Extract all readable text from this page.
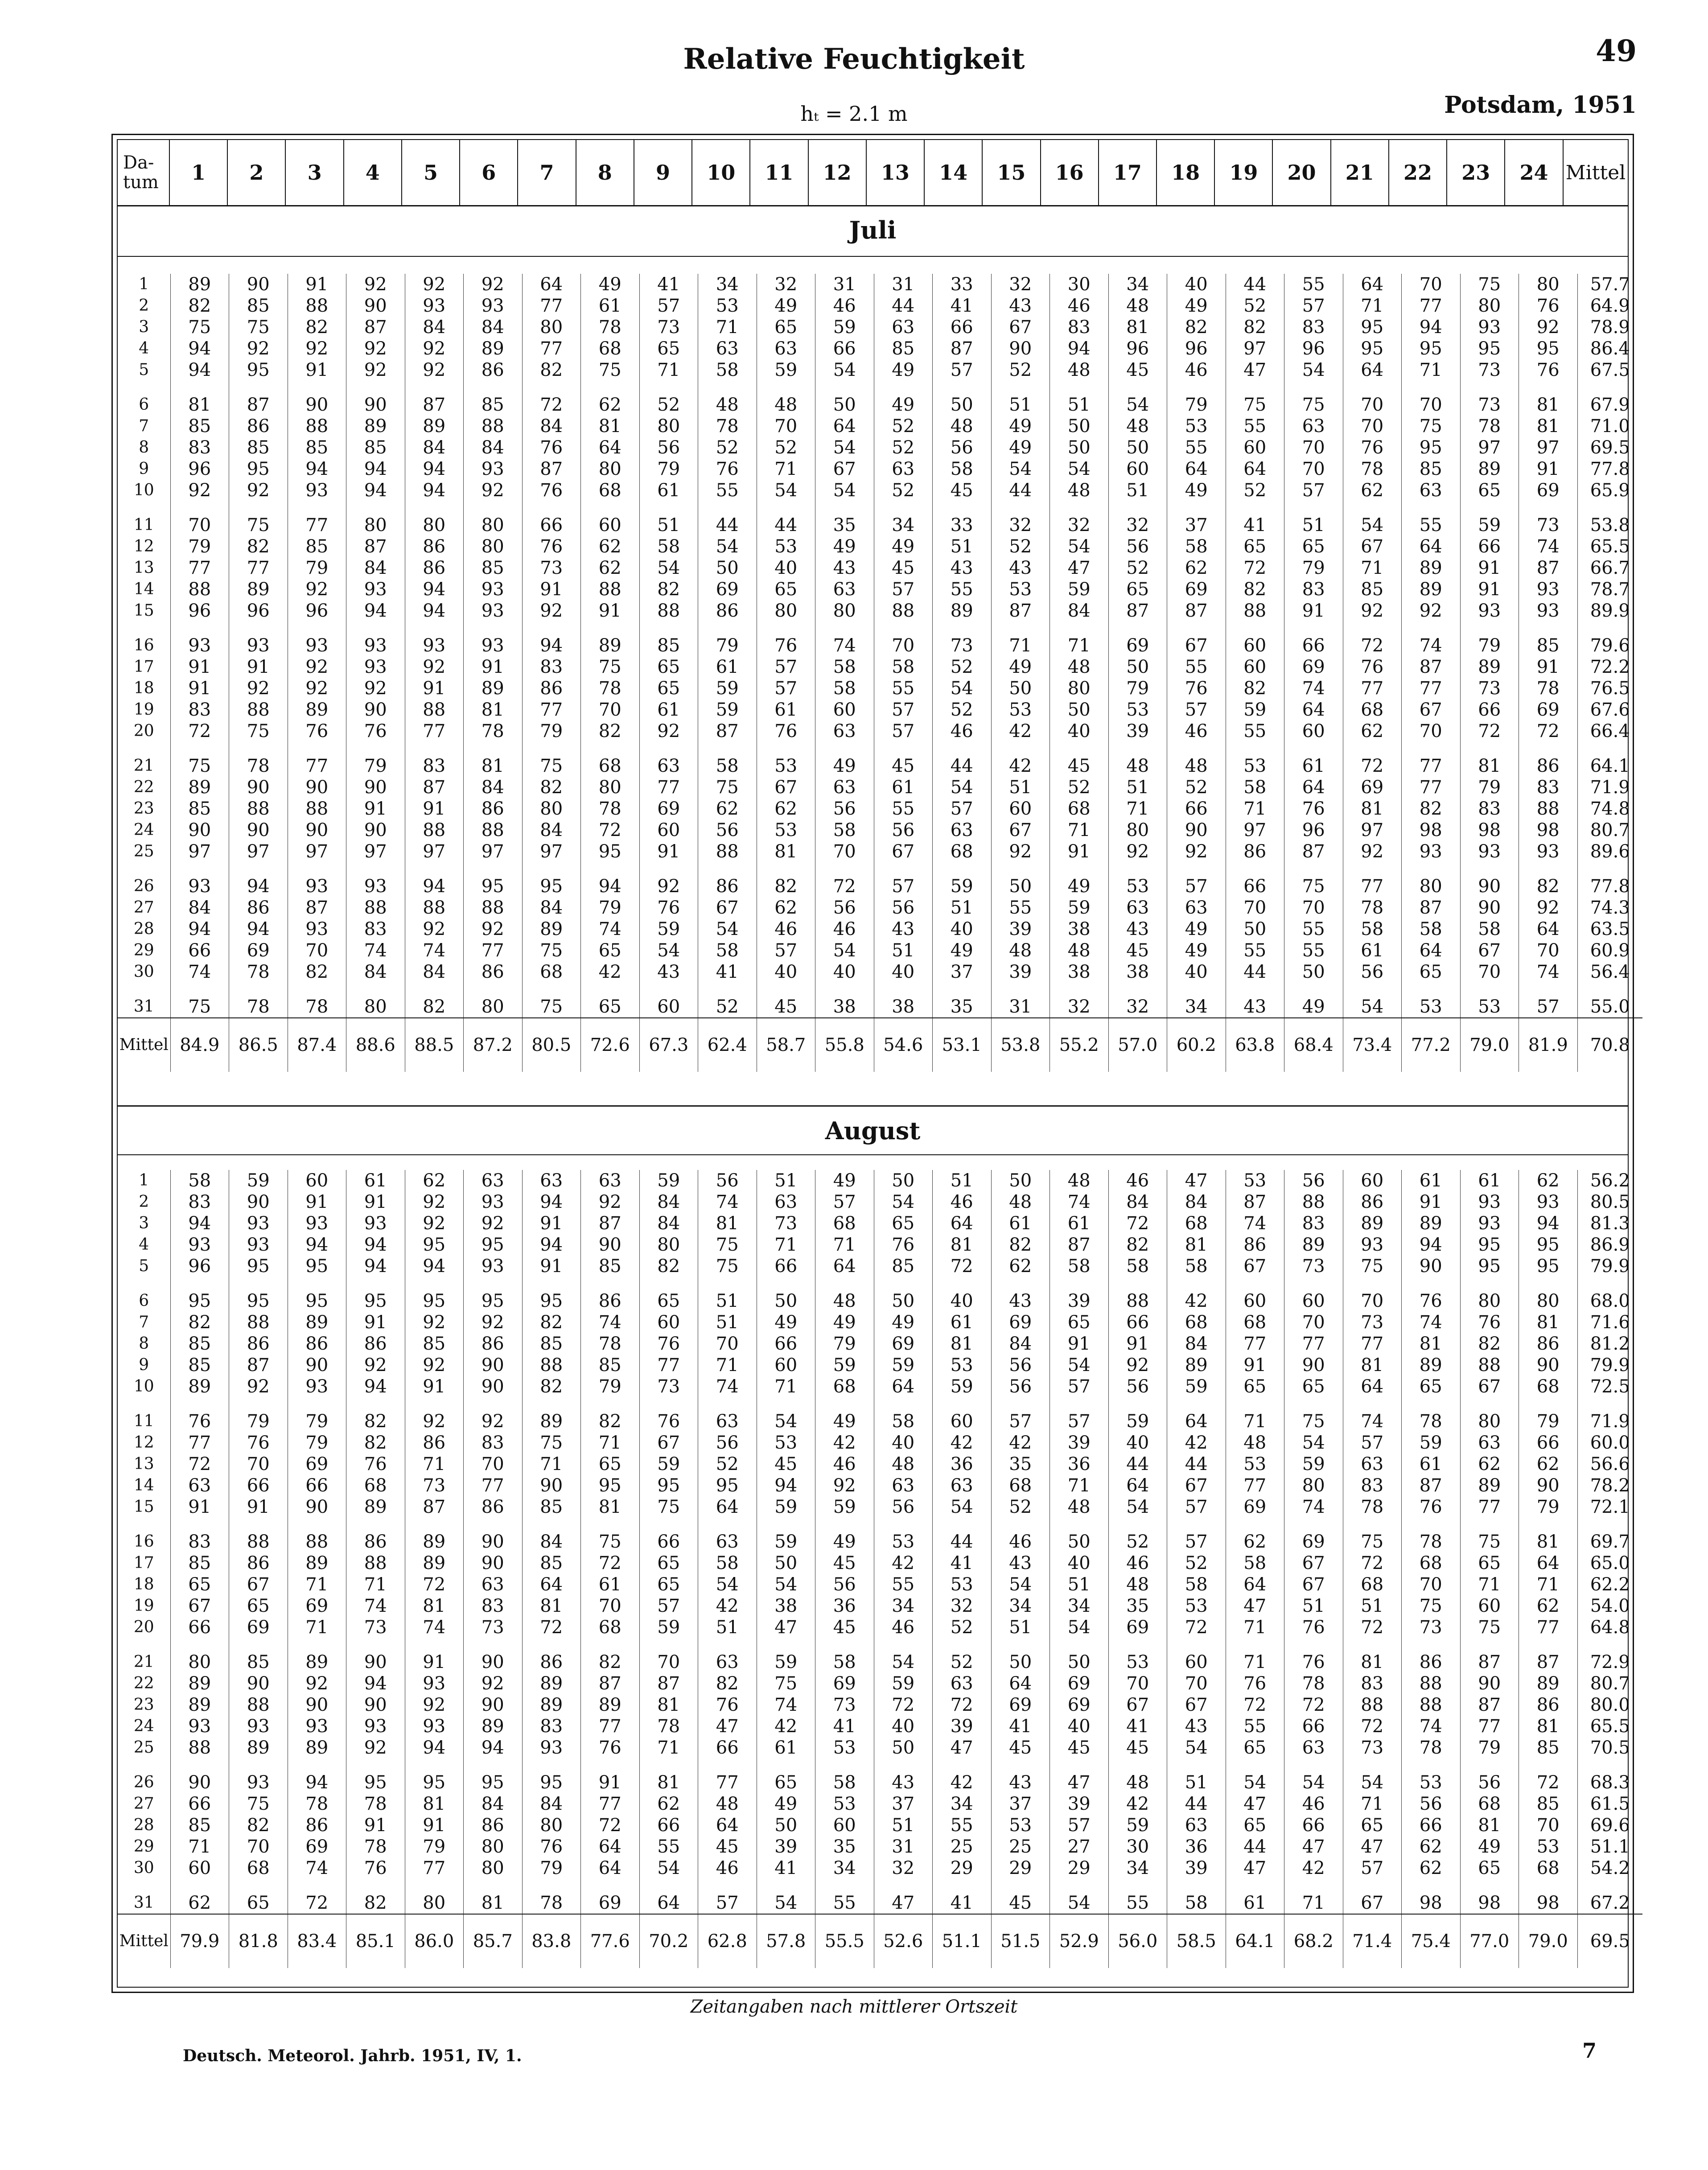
Relative Feuchtigkeit	49
hₜ = 2.1 m	Potsdam, 1951
Da- tum	1	2	3	4	5	6	7	8	9	10	11	12	13	14	15	16	17	18	19	20	21	22	23	24 Mittel
Juli
1	89	90	91	92	92	92	64	49	41	34	32	31	31	33	32	30	34	40	44	55	64	70	75	80	57.7
2	82	85	88	90	93	93	77	61	57	53	49	46	44	41	43	46	48	49	52	57	71	77	80	76	64.9
3	75	75	82	87	84	84	80	78	73	71	65	59	63	66	67	83	81	82	82	83	95	94	93	92	78.9
4	94	92	92	92	92	89	77	68	65	63	63	66	85	87	90	94	96	96	97	96	95	95	95	95	86.4
5	94	95	91	92	92	86	82	75	71	58	59	54	49	57	52	48	45	46	47	54	64	71	73	76	67.5
6	81	87	90	90	87	85	72	62	52	48	48	50	49	50	51	51	54	79	75	75	70	70	73	81	67.9
7	85	86	88	89	89	88	84	81	80	78	70	64	52	48	49	50	48	53	55	63	70	75	78	81	71.0
8	83	85	85	85	84	84	76	64	56	52	52	54	52	56	49	50	50	55	60	70	76	95	97	97	69.5
9	96	95	94	94	94	93	87	80	79	76	71	67	63	58	54	54	60	64	64	70	78	85	89	91	77.8
10	92	92	93	94	94	92	76	68	61	55	54	54	52	45	44	48	51	49	52	57	62	63	65	69	65.9
11	70	75	77	80	80	80	66	60	51	44	44	35	34	33	32	32	32	37	41	51	54	55	59	73	53.8
12	79	82	85	87	86	80	76	62	58	54	53	49	49	51	52	54	56	58	65	65	67	64	66	74	65.5
13	77	77	79	84	86	85	73	62	54	50	40	43	45	43	43	47	52	62	72	79	71	89	91	87	66.7
14	88	89	92	93	94	93	91	88	82	69	65	63	57	55	53	59	65	69	82	83	85	89	91	93	78.7
15	96	96	96	94	94	93	92	91	88	86	80	80	88	89	87	84	87	87	88	91	92	92	93	93	89.9
16	93	93	93	93	93	93	94	89	85	79	76	74	70	73	71	71	69	67	60	66	72	74	79	85	79.6
17	91	91	92	93	92	91	83	75	65	61	57	58	58	52	49	48	50	55	60	69	76	87	89	91	72.2
18	91	92	92	92	91	89	86	78	65	59	57	58	55	54	50	80	79	76	82	74	77	77	73	78	76.5
19	83	88	89	90	88	81	77	70	61	59	61	60	57	52	53	50	53	57	59	64	68	67	66	69	67.6
20	72	75	76	76	77	78	79	82	92	87	76	63	57	46	42	40	39	46	55	60	62	70	72	72	66.4
21	75	78	77	79	83	81	75	68	63	58	53	49	45	44	42	45	48	48	53	61	72	77	81	86	64.1
22	89	90	90	90	87	84	82	80	77	75	67	63	61	54	51	52	51	52	58	64	69	77	79	83	71.9
23	85	88	88	91	91	86	80	78	69	62	62	56	55	57	60	68	71	66	71	76	81	82	83	88	74.8
24	90	90	90	90	88	88	84	72	60	56	53	58	56	63	67	71	80	90	97	96	97	98	98	98	80.7
25	97	97	97	97	97	97	97	95	91	88	81	70	67	68	92	91	92	92	86	87	92	93	93	93	89.6
26	93	94	93	93	94	95	95	94	92	86	82	72	57	59	50	49	53	57	66	75	77	80	90	82	77.8
27	84	86	87	88	88	88	84	79	76	67	62	56	56	51	55	59	63	63	70	70	78	87	90	92	74.3
28	94	94	93	83	92	92	89	74	59	54	46	46	43	40	39	38	43	49	50	55	58	58	58	64	63.5
29	66	69	70	74	74	77	75	65	54	58	57	54	51	49	48	48	45	49	55	55	61	64	67	70	60.9
30	74	78	82	84	84	86	68	42	43	41	40	40	40	37	39	38	38	40	44	50	56	65	70	74	56.4
31	75	78	78	80	82	80	75	65	60	52	45	38	38	35	31	32	32	34	43	49	54	53	53	57	55.0
Mittel	84.9	86.5	87.4	88.6	88.5	87.2	80.5	72.6	67.3	62.4	58.7	55.8	54.6	53.1	53.8	55.2	57.0	60.2	63.8	68.4	73.4	77.2	79.0	81.9	70.8
August
1	58	59	60	61	62	63	63	63	59	56	51	49	50	51	50	48	46	47	53	56	60	61	61	62	56.2
2	83	90	91	91	92	93	94	92	84	74	63	57	54	46	48	74	84	84	87	88	86	91	93	93	80.5
3	94	93	93	93	92	92	91	87	84	81	73	68	65	64	61	61	72	68	74	83	89	89	93	94	81.3
4	93	93	94	94	95	95	94	90	80	75	71	71	76	81	82	87	82	81	86	89	93	94	95	95	86.9
5	96	95	95	94	94	93	91	85	82	75	66	64	85	72	62	58	58	58	67	73	75	90	95	95	79.9
6	95	95	95	95	95	95	95	86	65	51	50	48	50	40	43	39	88	42	60	60	70	76	80	80	68.0
7	82	88	89	91	92	92	82	74	60	51	49	49	49	61	69	65	66	68	68	70	73	74	76	81	71.6
8	85	86	86	86	85	86	85	78	76	70	66	79	69	81	84	91	91	84	77	77	77	81	82	86	81.2
9	85	87	90	92	92	90	88	85	77	71	60	59	59	53	56	54	92	89	91	90	81	89	88	90	79.9
10	89	92	93	94	91	90	82	79	73	74	71	68	64	59	56	57	56	59	65	65	64	65	67	68	72.5
11	76	79	79	82	92	92	89	82	76	63	54	49	58	60	57	57	59	64	71	75	74	78	80	79	71.9
12	77	76	79	82	86	83	75	71	67	56	53	42	40	42	42	39	40	42	48	54	57	59	63	66	60.0
13	72	70	69	76	71	70	71	65	59	52	45	46	48	36	35	36	44	44	53	59	63	61	62	62	56.6
14	63	66	66	68	73	77	90	95	95	95	94	92	63	63	68	71	64	67	77	80	83	87	89	90	78.2
15	91	91	90	89	87	86	85	81	75	64	59	59	56	54	52	48	54	57	69	74	78	76	77	79	72.1
16	83	88	88	86	89	90	84	75	66	63	59	49	53	44	46	50	52	57	62	69	75	78	75	81	69.7
17	85	86	89	88	89	90	85	72	65	58	50	45	42	41	43	40	46	52	58	67	72	68	65	64	65.0
18	65	67	71	71	72	63	64	61	65	54	54	56	55	53	54	51	48	58	64	67	68	70	71	71	62.2
19	67	65	69	74	81	83	81	70	57	42	38	36	34	32	34	34	35	53	47	51	51	75	60	62	54.0
20	66	69	71	73	74	73	72	68	59	51	47	45	46	52	51	54	69	72	71	76	72	73	75	77	64.8
21	80	85	89	90	91	90	86	82	70	63	59	58	54	52	50	50	53	60	71	76	81	86	87	87	72.9
22	89	90	92	94	93	92	89	87	87	82	75	69	59	63	64	69	70	70	76	78	83	88	90	89	80.7
23	89	88	90	90	92	90	89	89	81	76	74	73	72	72	69	69	67	67	72	72	88	88	87	86	80.0
24	93	93	93	93	93	89	83	77	78	47	42	41	40	39	41	40	41	43	55	66	72	74	77	81	65.5
25	88	89	89	92	94	94	93	76	71	66	61	53	50	47	45	45	45	54	65	63	73	78	79	85	70.5
26	90	93	94	95	95	95	95	91	81	77	65	58	43	42	43	47	48	51	54	54	54	53	56	72	68.3
27	66	75	78	78	81	84	84	77	62	48	49	53	37	34	37	39	42	44	47	46	71	56	68	85	61.5
28	85	82	86	91	91	86	80	72	66	64	50	60	51	55	53	57	59	63	65	66	65	66	81	70	69.6
29	71	70	69	78	79	80	76	64	55	45	39	35	31	25	25	27	30	36	44	47	47	62	49	53	51.1
30	60	68	74	76	77	80	79	64	54	46	41	34	32	29	29	29	34	39	47	42	57	62	65	68	54.2
31	62	65	72	82	80	81	78	69	64	57	54	55	47	41	45	54	55	58	61	71	67	98	98	98	67.2
Mittel	79.9	81.8	83.4	85.1	86.0	85.7	83.8	77.6	70.2	62.8	57.8	55.5	52.6	51.1	51.5	52.9	56.0	58.5	64.1	68.2	71.4	75.4	77.0	79.0	69.5
Zeitangaben nach mittlerer Ortszeit
Deutsch. Meteorol. Jahrb. 1951, IV, 1.	7
